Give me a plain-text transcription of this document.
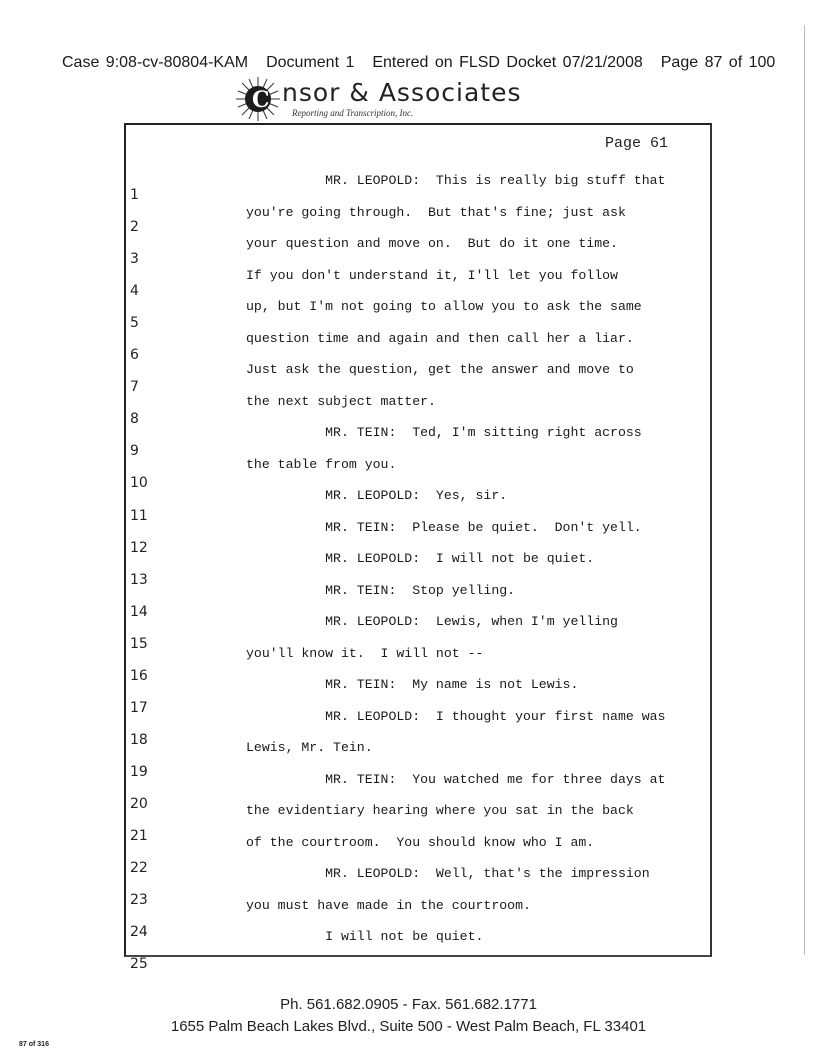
Case 9:08-cv-80804-KAM Document 1 Entered on FLSD Docket 07/21/2008 Page 87 of 100
C nsor & Associates
Reporting and Transcription, Inc.
Page 61
1
MR. LEOPOLD:  This is really big stuff that
2
you're going through.  But that's fine; just ask
3
your question and move on.  But do it one time.
4
If you don't understand it, I'll let you follow
5
up, but I'm not going to allow you to ask the same
6
question time and again and then call her a liar.
7
Just ask the question, get the answer and move to
8
the next subject matter.
9
MR. TEIN:  Ted, I'm sitting right across
10
the table from you.
11
MR. LEOPOLD:  Yes, sir.
12
MR. TEIN:  Please be quiet.  Don't yell.
13
MR. LEOPOLD:  I will not be quiet.
14
MR. TEIN:  Stop yelling.
15
MR. LEOPOLD:  Lewis, when I'm yelling
16
you'll know it.  I will not --
17
MR. TEIN:  My name is not Lewis.
18
MR. LEOPOLD:  I thought your first name was
19
Lewis, Mr. Tein.
20
MR. TEIN:  You watched me for three days at
21
the evidentiary hearing where you sat in the back
22
of the courtroom.  You should know who I am.
23
MR. LEOPOLD:  Well, that's the impression
24
you must have made in the courtroom.
25
I will not be quiet.
Ph. 561.682.0905 - Fax. 561.682.1771
1655 Palm Beach Lakes Blvd., Suite 500 - West Palm Beach, FL 33401
87 of 316
